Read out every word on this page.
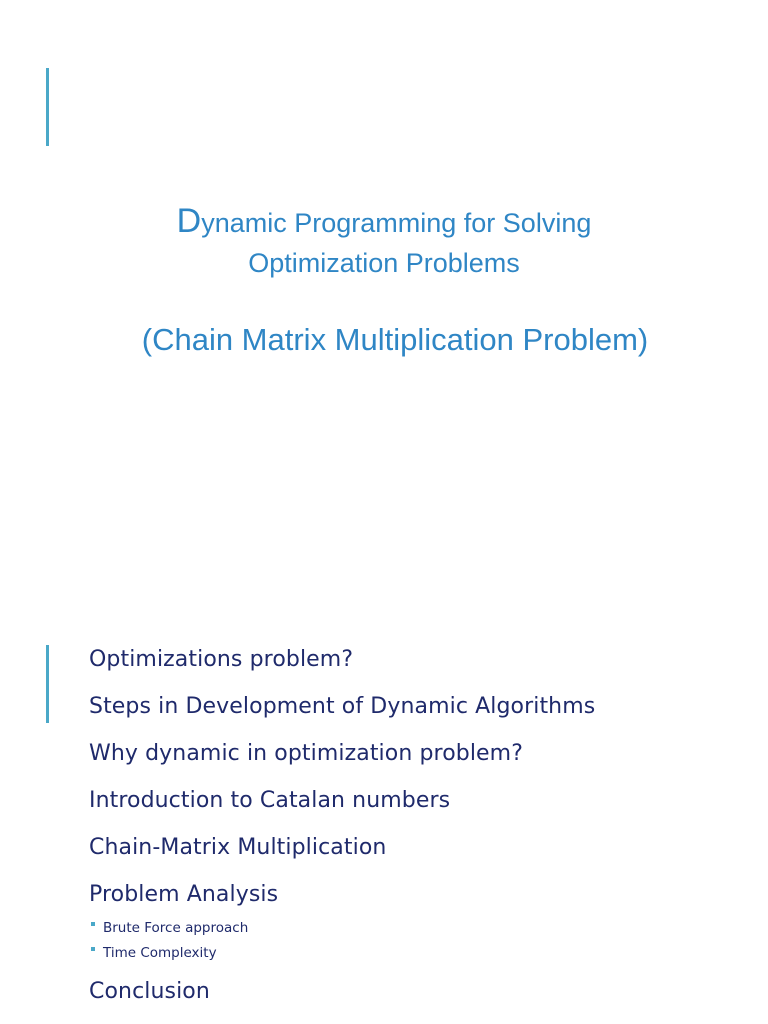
Dynamic Programming for Solving
Optimization Problems
(Chain Matrix Multiplication Problem)
Optimizations problem?
Steps in Development of Dynamic Algorithms
Why dynamic in optimization problem?
Introduction to Catalan numbers
Chain-Matrix Multiplication
Problem Analysis
Brute Force approach
Time Complexity
Conclusion
